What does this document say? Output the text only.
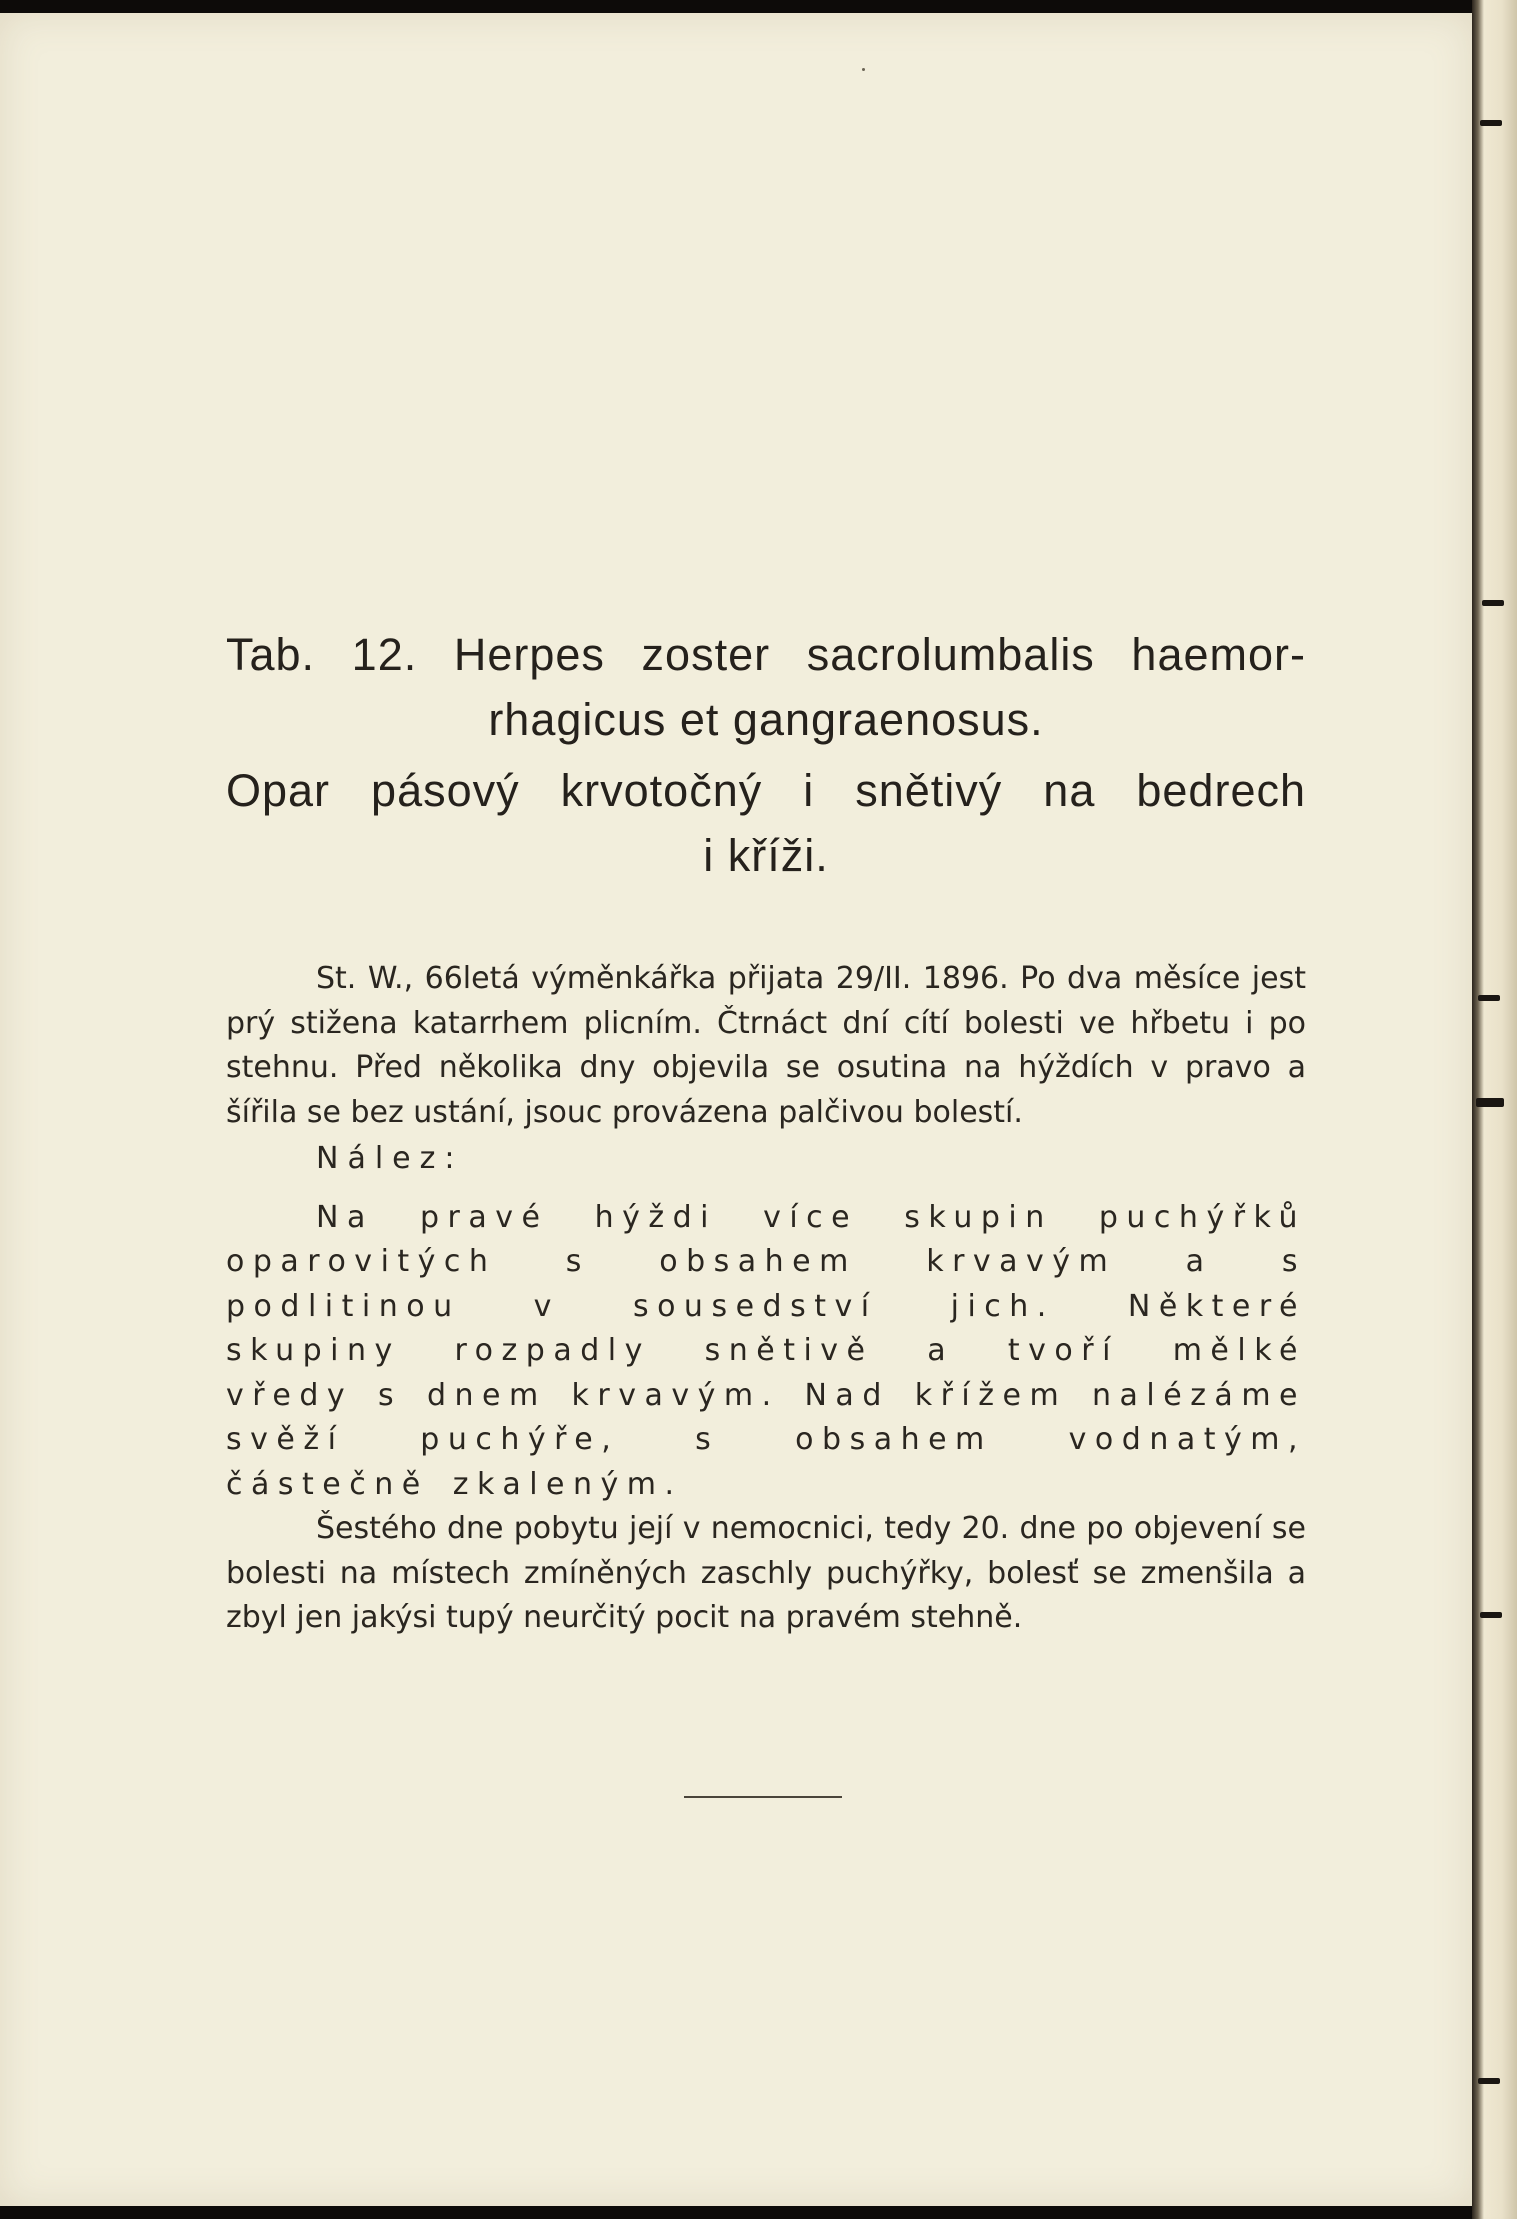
Tab. 12. Herpes zoster sacrolumbalis haemor-
rhagicus et gangraenosus.
Opar pásový krvotočný i snětivý na bedrech
i kříži.

St. W., 66letá výměnkářka přijata 29/II. 1896. Po dva měsíce jest prý stižena katarrhem plicním. Čtrnáct dní cítí bolesti ve hřbetu i po stehnu. Před několika dny objevila se osutina na hýždích v pravo a šířila se bez ustání, jsouc provázena palčivou bolestí.

Nález:

Na pravé hýždi více skupin puchýřků oparovitých s obsahem krvavým a s podlitinou v sousedství jich. Některé skupiny rozpadly snětivě a tvoří mělké vředy s dnem krvavým. Nad křížem nalézáme svěží puchýře, s obsahem vodnatým, částečně zkaleným.

Šestého dne pobytu její v nemocnici, tedy 20. dne po objevení se bolesti na místech zmíněných zaschly puchýřky, bolesť se zmenšila a zbyl jen jakýsi tupý neurčitý pocit na pravém stehně.
